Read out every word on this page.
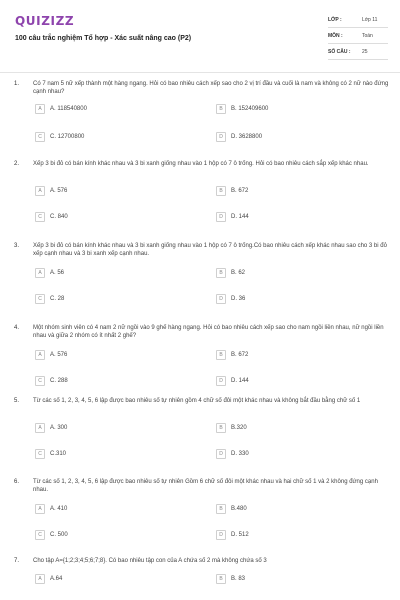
QUIZIZZ
100 câu trắc nghiệm Tổ hợp - Xác suất nâng cao (P2)
LỚP :	Lớp 11
MÔN :	Toán
SỐ CÂU :	25
1. Có 7 nam 5 nữ xếp thành một hàng ngang. Hỏi có bao nhiêu cách xếp sao cho 2 vị trí đầu và cuối là nam và không có 2 nữ nào đứng cạnh nhau?
A	A. 118540800	B	B. 152409600
C	C. 12700800	D	D. 3628800
2. Xếp 3 bi đỏ có bán kính khác nhau và 3 bi xanh giống nhau vào 1 hộp có 7 ô trống. Hỏi có bao nhiêu cách sắp xếp khác nhau.
A	A. 576	B	B. 672
C	C. 840	D	D. 144
3. Xếp 3 bi đỏ có bán kính khác nhau và 3 bi xanh giống nhau vào 1 hộp có 7 ô trống.Có bao nhiêu cách xếp khác nhau sao cho 3 bi đỏ xếp cạnh nhau và 3 bi xanh xếp cạnh nhau.
A	A. 56	B	B. 62
C	C. 28	D	D. 36
4. Một nhóm sinh viên có 4 nam 2 nữ ngồi vào 9 ghế hàng ngang. Hỏi có bao nhiêu cách xếp sao cho nam ngồi liền nhau, nữ ngồi liền nhau và giữa 2 nhóm có ít nhất 2 ghế?
A	A. 576	B	B. 672
C	C. 288	D	D. 144
5. Từ các số 1, 2, 3, 4, 5, 6 lập được bao nhiêu số tự nhiên gồm 4 chữ số đôi một khác nhau và không bắt đầu bằng chữ số 1
A	A. 300	B	B.320
C	C.310	D	D. 330
6. Từ các số 1, 2, 3, 4, 5, 6 lập được bao nhiêu số tự nhiên Gồm 6 chữ số đôi một khác nhau và hai chữ số 1 và 2 không đứng cạnh nhau.
A	A. 410	B	B.480
C	C. 500	D	D. 512
7. Cho tập A={1;2;3;4;5;6;7;8}. Có bao nhiêu tập con của A chứa số 2 mà không chứa số 3
A	A.64	B	B. 83
